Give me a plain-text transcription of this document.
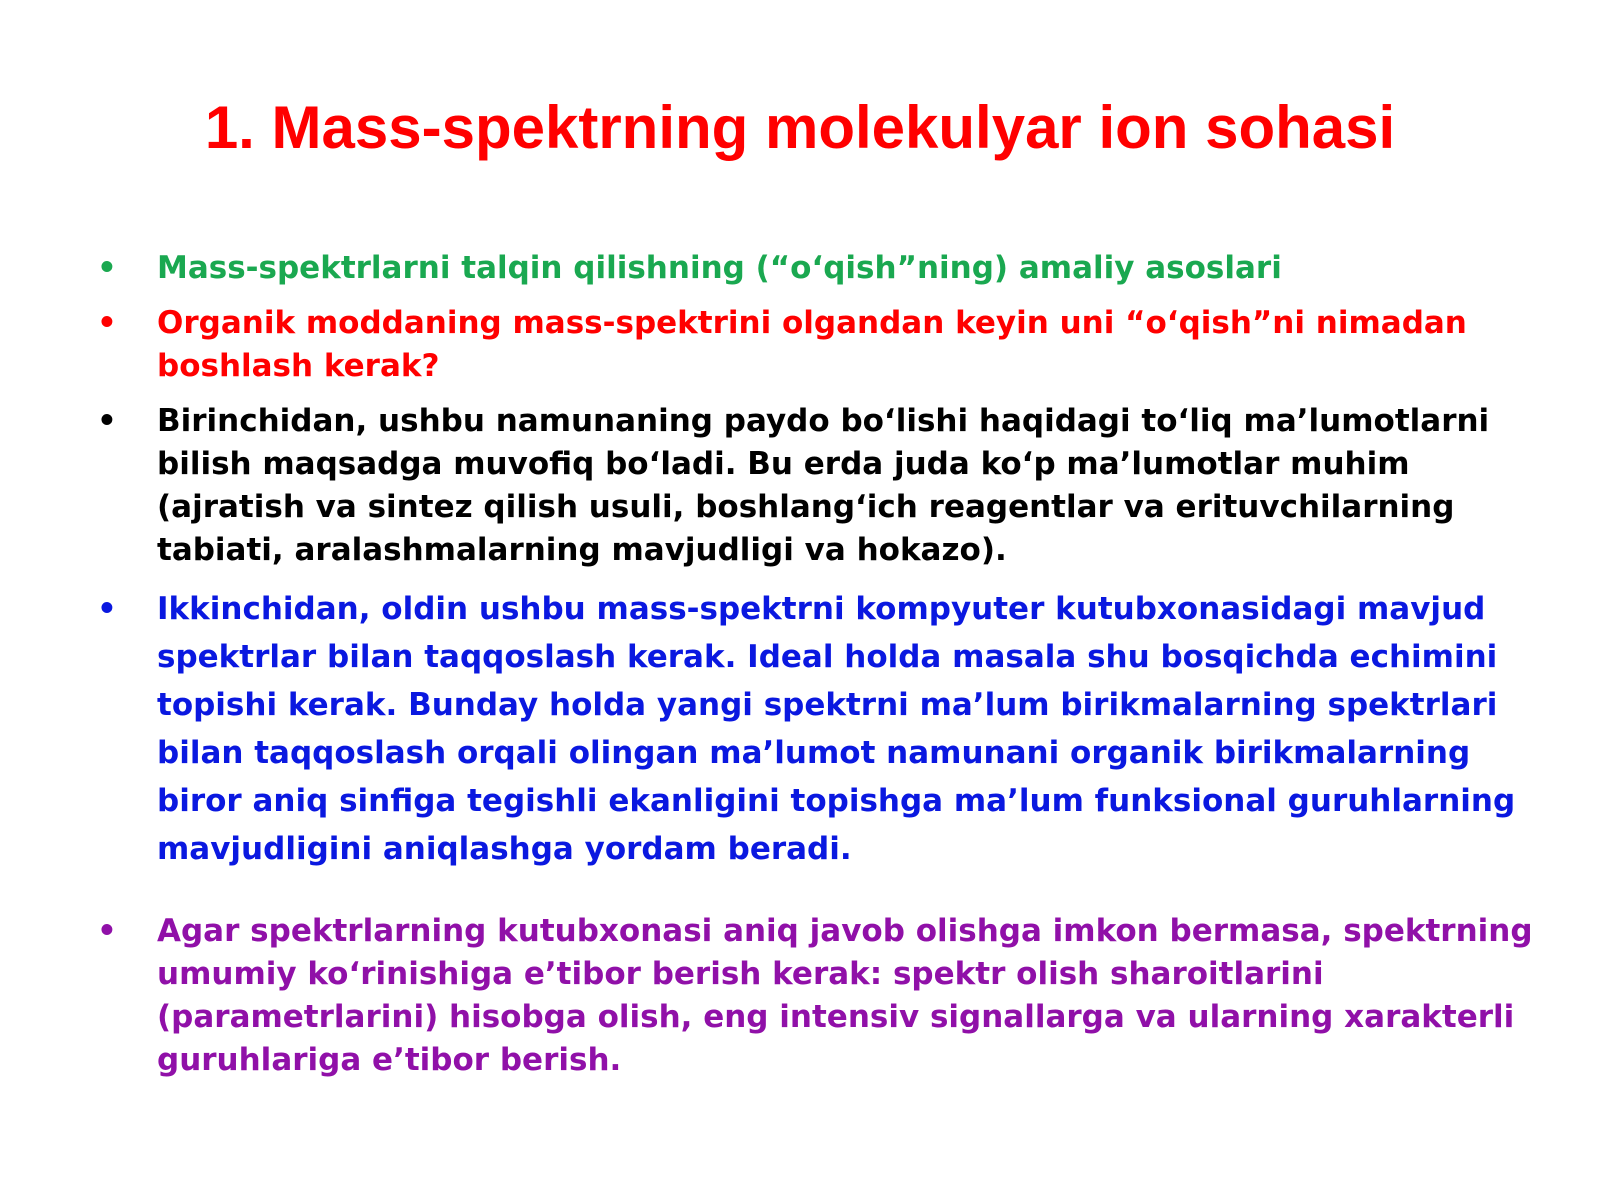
1. Mass-spektrning molekulyar ion sohasi
• Mass-spektrlarni talqin qilishning (“o‘qish”ning) amaliy asoslari
• Organik moddaning mass-spektrini olgandan keyin uni “o‘qish”ni nimadan boshlash kerak?
• Birinchidan, ushbu namunaning paydo bo‘lishi haqidagi to‘liq ma’lumotlarni bilish maqsadga muvofiq bo‘ladi. Bu erda juda ko‘p ma’lumotlar muhim (ajratish va sintez qilish usuli, boshlang‘ich reagentlar va erituvchilarning tabiati, aralashmalarning mavjudligi va hokazo).
• Ikkinchidan, oldin ushbu mass-spektrni kompyuter kutubxonasidagi mavjud spektrlar bilan taqqoslash kerak. Ideal holda masala shu bosqichda echimini topishi kerak. Bunday holda yangi spektrni ma’lum birikmalarning spektrlari bilan taqqoslash orqali olingan ma’lumot namunani organik birikmalarning biror aniq sinfiga tegishli ekanligini topishga ma’lum funksional guruhlarning mavjudligini aniqlashga yordam beradi.
• Agar spektrlarning kutubxonasi aniq javob olishga imkon bermasa, spektrning umumiy ko‘rinishiga e’tibor berish kerak: spektr olish sharoitlarini (parametrlarini) hisobga olish, eng intensiv signallarga va ularning xarakterli guruhlariga e’tibor berish.
